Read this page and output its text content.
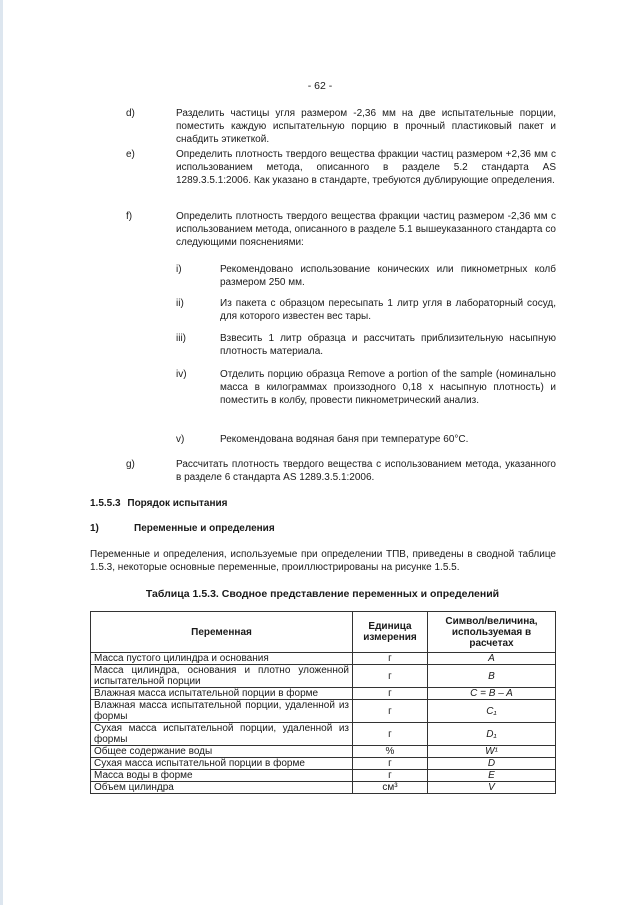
- 62 -
d)	Разделить частицы угля размером -2,36 мм на две испытательные порции, поместить каждую испытательную порцию в прочный пластиковый пакет и снабдить этикеткой.
e)	Определить плотность твердого вещества фракции частиц размером +2,36 мм с использованием метода, описанного в разделе 5.2 стандарта AS 1289.3.5.1:2006. Как указано в стандарте, требуются дублирующие определения.
f)	Определить плотность твердого вещества фракции частиц размером -2,36 мм с использованием метода, описанного в разделе 5.1 вышеуказанного стандарта со следующими пояснениями:
i)	Рекомендовано использование конических или пикнометрных колб размером 250 мм.
ii)	Из пакета с образцом пересыпать 1 литр угля в лабораторный сосуд, для которого известен вес тары.
iii)	Взвесить 1 литр образца и рассчитать приблизительную насыпную плотность материала.
iv)	Отделить порцию образца Remove a portion of the sample (номинально масса в килограммах произзодного 0,18 х насыпную плотность) и поместить в колбу, провести пикнометрический анализ.
v)	Рекомендована водяная баня при температуре 60°C.
g)	Рассчитать плотность твердого вещества с использованием метода, указанного в разделе 6 стандарта AS 1289.3.5.1:2006.
1.5.5.3 Порядок испытания
1)	Переменные и определения
Переменные и определения, используемые при определении ТПВ, приведены в сводной таблице 1.5.3, некоторые основные переменные, проиллюстрированы на рисунке 1.5.5.
Таблица 1.5.3. Сводное представление переменных и определений
Переменная	Единица измерения	Символ/величина, используемая в расчетах
Масса пустого цилиндра и основания	г	A
Масса цилиндра, основания и плотно уложенной испытательной порции	г	B
Влажная масса испытательной порции в форме	г	C = B – A
Влажная масса испытательной порции, удаленной из формы	г	C₁
Сухая масса испытательной порции, удаленной из формы	г	D₁
Общее содержание воды	%	W¹
Сухая масса испытательной порции в форме	г	D
Масса воды в форме	г	E
Объем цилиндра	см³	V
